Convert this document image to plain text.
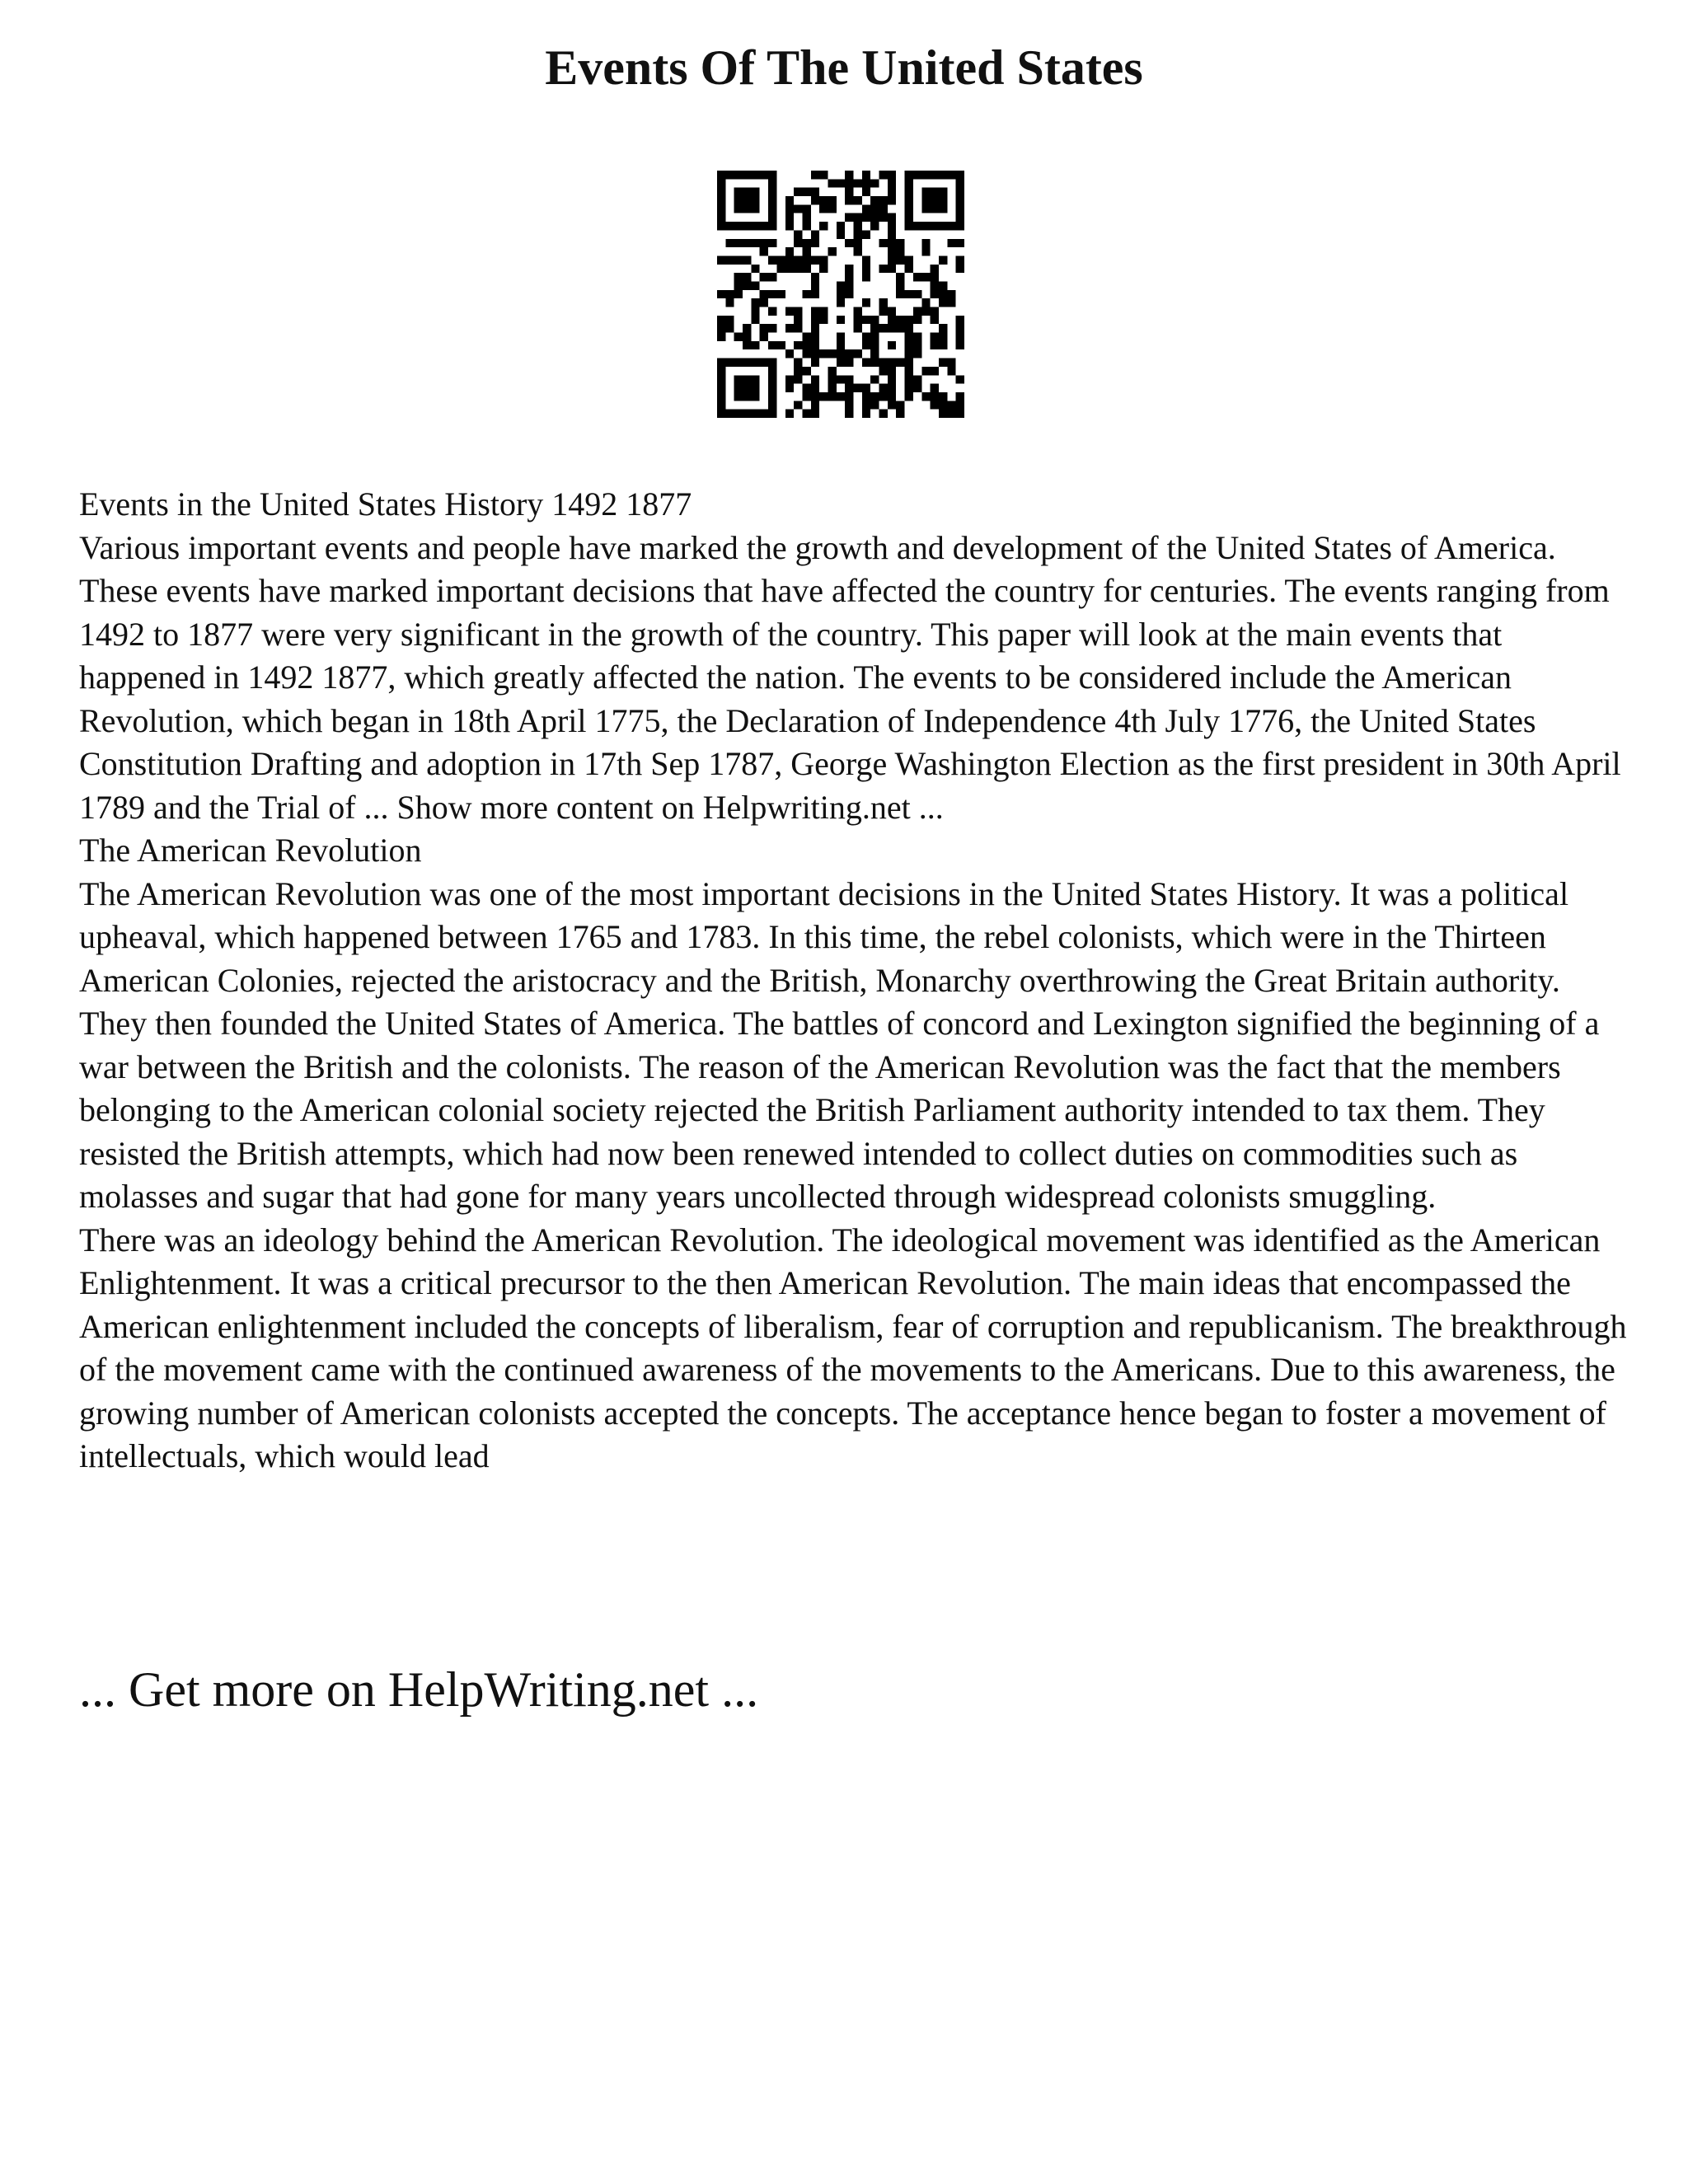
Events Of The United States

Events in the United States History 1492 1877

Various important events and people have marked the growth and development of the United States of America. These events have marked important decisions that have affected the country for centuries. The events ranging from 1492 to 1877 were very significant in the growth of the country. This paper will look at the main events that happened in 1492 1877, which greatly affected the nation. The events to be considered include the American Revolution, which began in 18th April 1775, the Declaration of Independence 4th July 1776, the United States Constitution Drafting and adoption in 17th Sep 1787, George Washington Election as the first president in 30th April 1789 and the Trial of ... Show more content on Helpwriting.net ...

The American Revolution

The American Revolution was one of the most important decisions in the United States History. It was a political upheaval, which happened between 1765 and 1783. In this time, the rebel colonists, which were in the Thirteen American Colonies, rejected the aristocracy and the British, Monarchy overthrowing the Great Britain authority. They then founded the United States of America. The battles of concord and Lexington signified the beginning of a war between the British and the colonists. The reason of the American Revolution was the fact that the members belonging to the American colonial society rejected the British Parliament authority intended to tax them. They resisted the British attempts, which had now been renewed intended to collect duties on commodities such as molasses and sugar that had gone for many years uncollected through widespread colonists smuggling.

There was an ideology behind the American Revolution. The ideological movement was identified as the American Enlightenment. It was a critical precursor to the then American Revolution. The main ideas that encompassed the American enlightenment included the concepts of liberalism, fear of corruption and republicanism. The breakthrough of the movement came with the continued awareness of the movements to the Americans. Due to this awareness, the growing number of American colonists accepted the concepts. The acceptance hence began to foster a movement of intellectuals, which would lead

... Get more on HelpWriting.net ...
